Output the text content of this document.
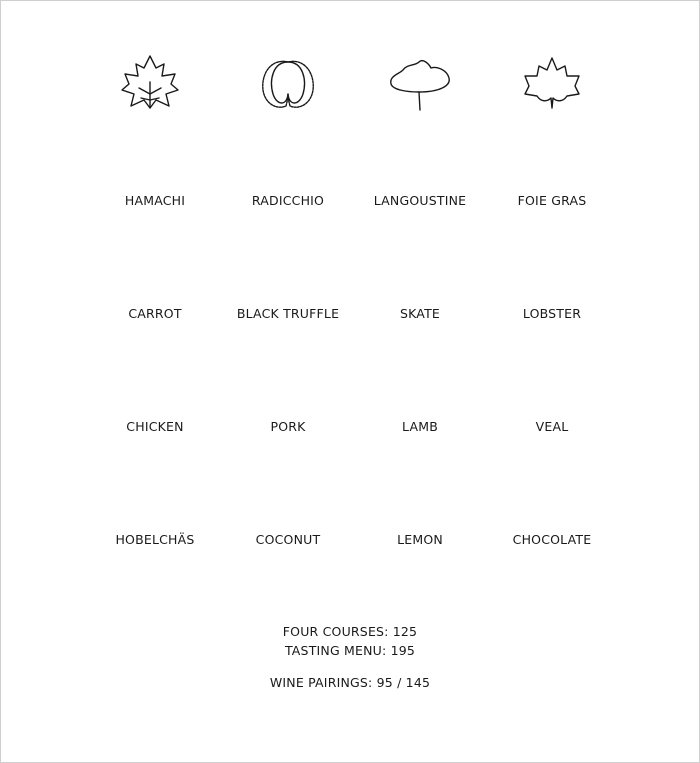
HAMACHI	RADICCHIO	LANGOUSTINE	FOIE GRAS
CARROT	BLACK TRUFFLE	SKATE	LOBSTER
CHICKEN	PORK	LAMB	VEAL
HOBELCHÄS	COCONUT	LEMON	CHOCOLATE
FOUR COURSES: 125
TASTING MENU: 195
WINE PAIRINGS: 95 / 145
